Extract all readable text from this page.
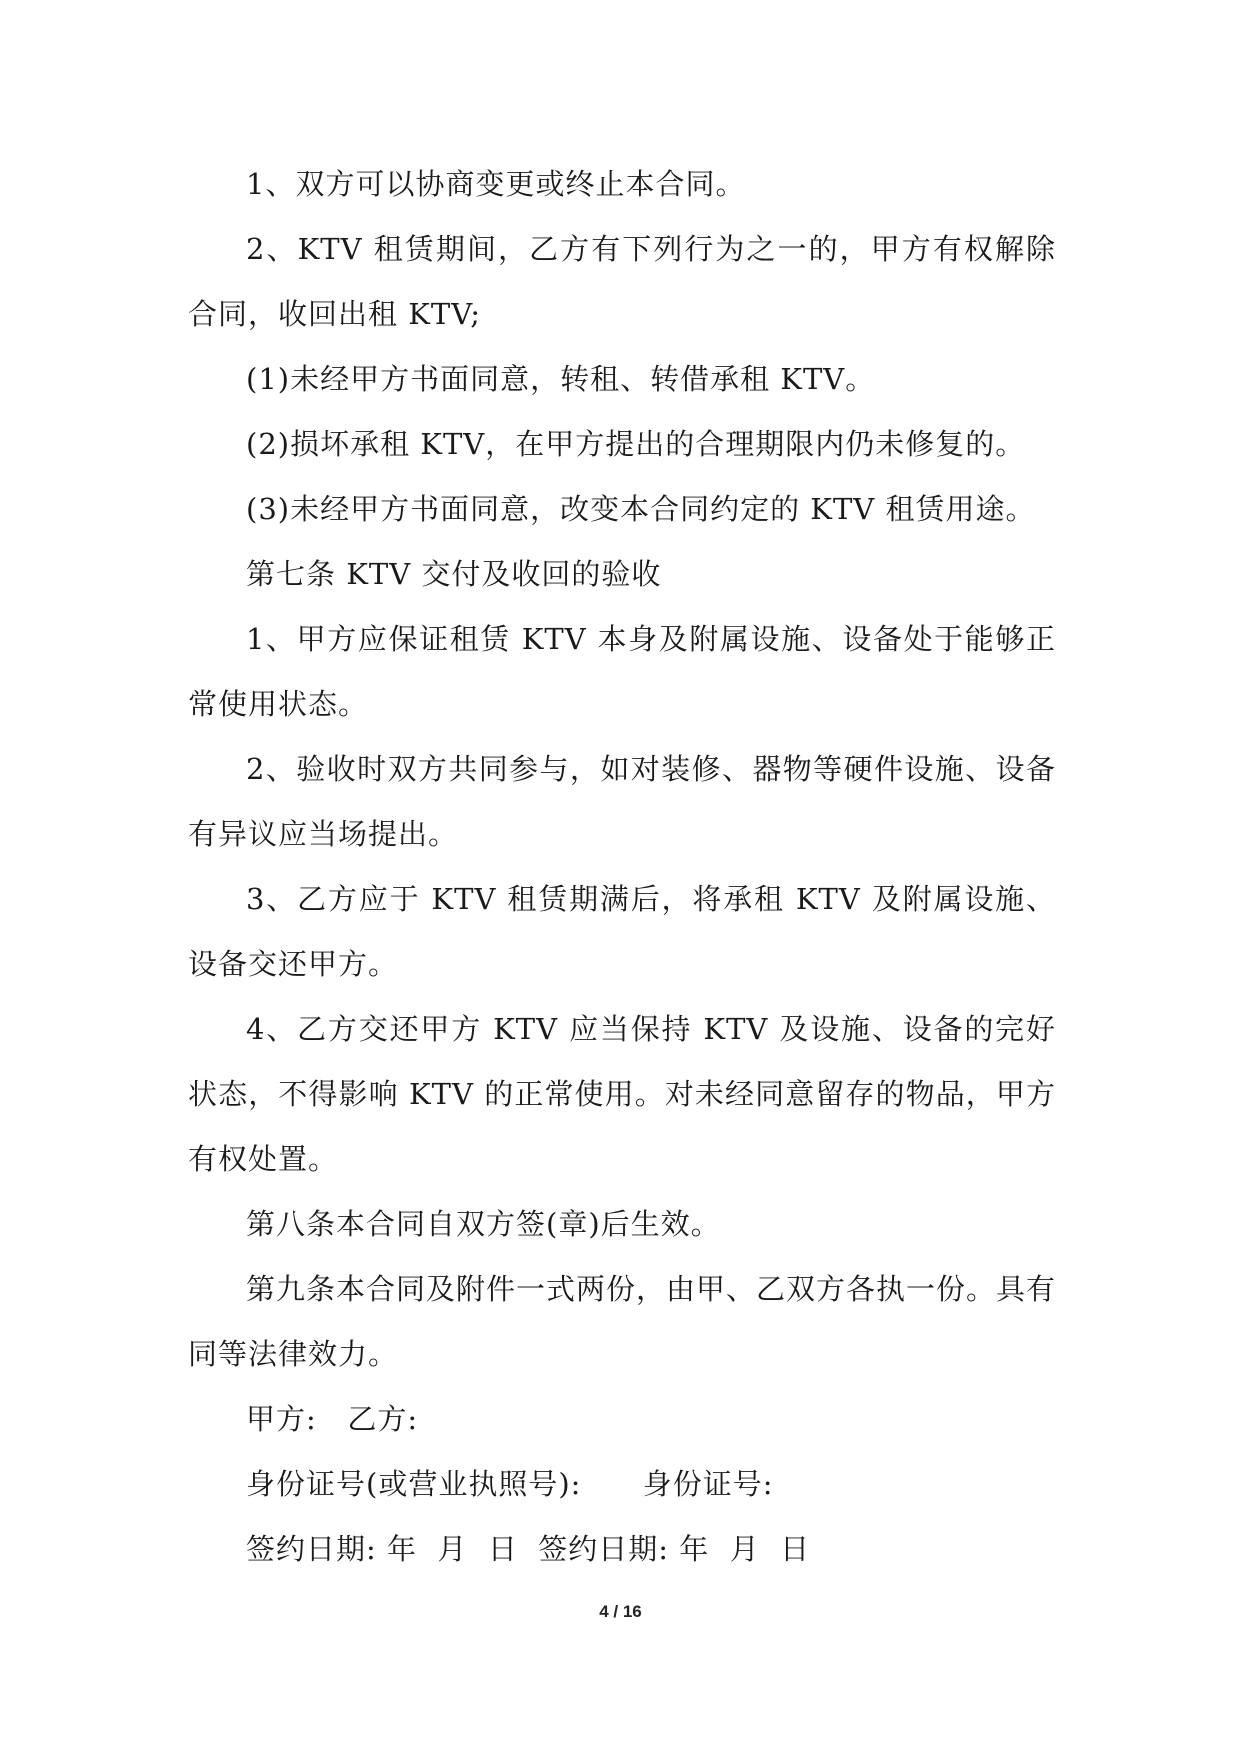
1、双方可以协商变更或终止本合同。

2、KTV 租赁期间，乙方有下列行为之一的，甲方有权解除合同，收回出租 KTV;

(1)未经甲方书面同意，转租、转借承租 KTV。

(2)损坏承租 KTV，在甲方提出的合理期限内仍未修复的。

(3)未经甲方书面同意，改变本合同约定的 KTV 租赁用途。

第七条 KTV 交付及收回的验收

1、甲方应保证租赁 KTV 本身及附属设施、设备处于能够正常使用状态。

2、验收时双方共同参与，如对装修、器物等硬件设施、设备有异议应当场提出。

3、乙方应于 KTV 租赁期满后，将承租 KTV 及附属设施、设备交还甲方。

4、乙方交还甲方 KTV 应当保持 KTV 及设施、设备的完好状态，不得影响 KTV 的正常使用。对未经同意留存的物品，甲方有权处置。

第八条本合同自双方签(章)后生效。

第九条本合同及附件一式两份，由甲、乙双方各执一份。具有同等法律效力。

甲方:   乙方:

身份证号(或营业执照号):      身份证号:

签约日期: 年  月  日  签约日期: 年  月  日

4 / 16
